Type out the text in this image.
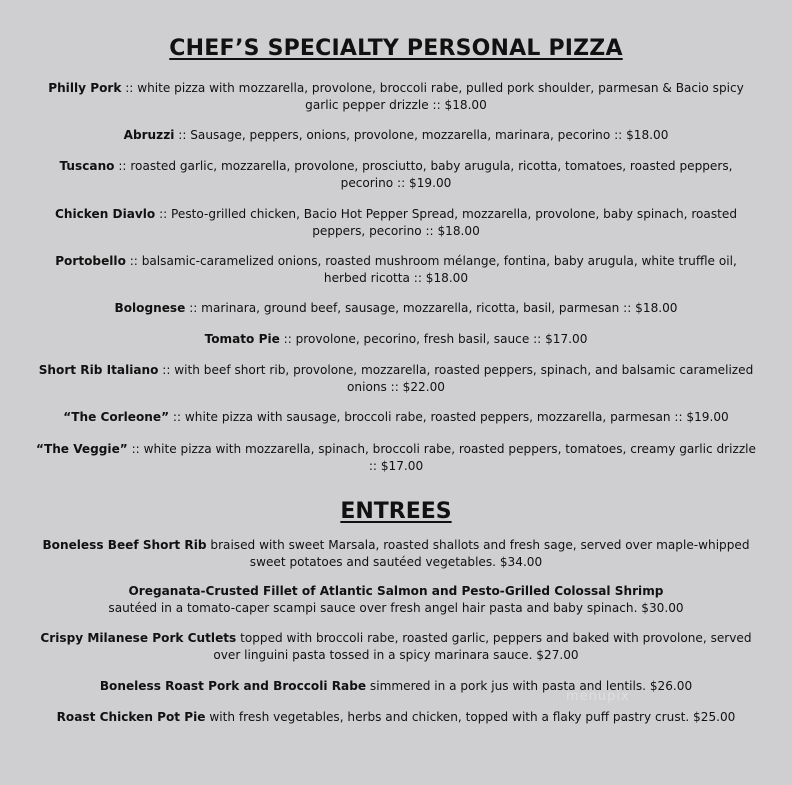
CHEF’S SPECIALTY PERSONAL PIZZA
Philly Pork :: white pizza with mozzarella, provolone, broccoli rabe, pulled pork shoulder, parmesan & Bacio spicy garlic pepper drizzle :: $18.00
Abruzzi :: Sausage, peppers, onions, provolone, mozzarella, marinara, pecorino :: $18.00
Tuscano :: roasted garlic, mozzarella, provolone, prosciutto, baby arugula, ricotta, tomatoes, roasted peppers, pecorino :: $19.00
Chicken Diavlo :: Pesto-grilled chicken, Bacio Hot Pepper Spread, mozzarella, provolone, baby spinach, roasted peppers, pecorino :: $18.00
Portobello :: balsamic-caramelized onions, roasted mushroom mélange, fontina, baby arugula, white truffle oil, herbed ricotta :: $18.00
Bolognese :: marinara, ground beef, sausage, mozzarella, ricotta, basil, parmesan :: $18.00
Tomato Pie :: provolone, pecorino, fresh basil, sauce :: $17.00
Short Rib Italiano :: with beef short rib, provolone, mozzarella, roasted peppers, spinach, and balsamic caramelized onions :: $22.00
“The Corleone” :: white pizza with sausage, broccoli rabe, roasted peppers, mozzarella, parmesan :: $19.00
“The Veggie” :: white pizza with mozzarella, spinach, broccoli rabe, roasted peppers, tomatoes, creamy garlic drizzle :: $17.00
ENTREES
Boneless Beef Short Rib braised with sweet Marsala, roasted shallots and fresh sage, served over maple-whipped sweet potatoes and sautéed vegetables. $34.00
Oreganata-Crusted Fillet of Atlantic Salmon and Pesto-Grilled Colossal Shrimp
sautéed in a tomato-caper scampi sauce over fresh angel hair pasta and baby spinach. $30.00
Crispy Milanese Pork Cutlets topped with broccoli rabe, roasted garlic, peppers and baked with provolone, served over linguini pasta tossed in a spicy marinara sauce. $27.00
Boneless Roast Pork and Broccoli Rabe simmered in a pork jus with pasta and lentils. $26.00
Roast Chicken Pot Pie with fresh vegetables, herbs and chicken, topped with a flaky puff pastry crust. $25.00
menupix
